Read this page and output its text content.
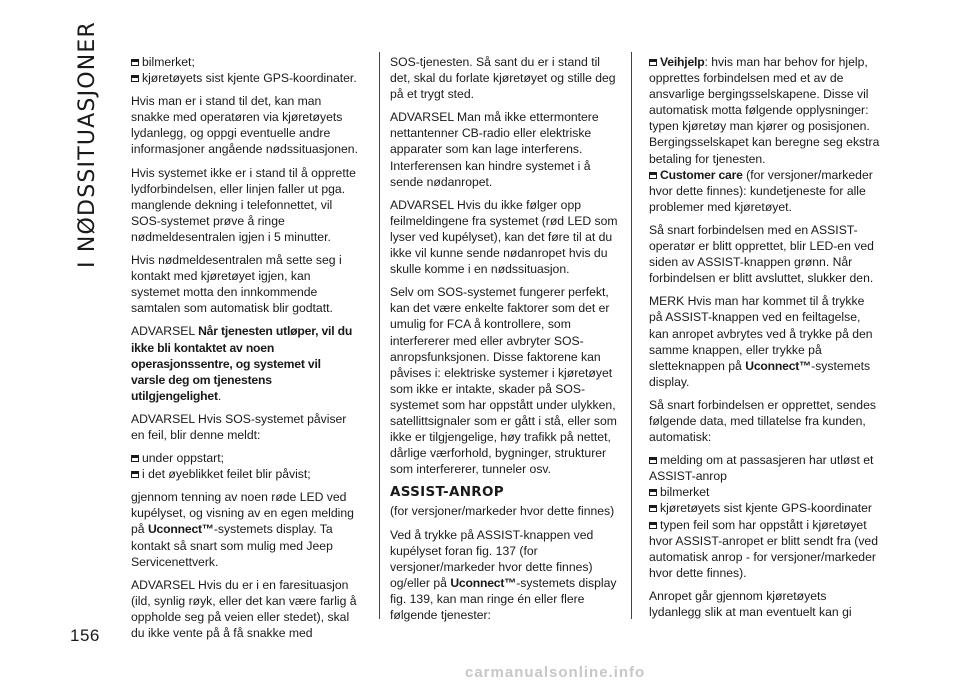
I NØDSSITUASJONER	bilmerket;

kjøretøyets sist kjente GPS-koordinater.

Hvis man er i stand til det, kan man snakke med operatøren via kjøretøyets lydanlegg, og oppgi eventuelle andre informasjoner angående nødssituasjonen.

Hvis systemet ikke er i stand til å opprette lydforbindelsen, eller linjen faller ut pga. manglende dekning i telefonnettet, vil SOS-systemet prøve å ringe nødmeldesentralen igjen i 5 minutter.

Hvis nødmeldesentralen må sette seg i kontakt med kjøretøyet igjen, kan systemet motta den innkommende samtalen som automatisk blir godtatt.

ADVARSEL Når tjenesten utløper, vil du ikke bli kontaktet av noen operasjonssentre, og systemet vil varsle deg om tjenestens utilgjengelighet.

ADVARSEL Hvis SOS-systemet påviser en feil, blir denne meldt:

under oppstart;

i det øyeblikket feilet blir påvist;

gjennom tenning av noen røde LED ved kupélyset, og visning av en egen melding på Uconnect™-systemets display. Ta kontakt så snart som mulig med Jeep Servicenettverk.

ADVARSEL Hvis du er i en faresituasjon (ild, synlig røyk, eller det kan være farlig å oppholde seg på veien eller stedet), skal du ikke vente på å få snakke med

SOS-tjenesten. Så sant du er i stand til det, skal du forlate kjøretøyet og stille deg på et trygt sted.

ADVARSEL Man må ikke ettermontere nettantenner CB-radio eller elektriske apparater som kan lage interferens. Interferensen kan hindre systemet i å sende nødanropet.

ADVARSEL Hvis du ikke følger opp feilmeldingene fra systemet (rød LED som lyser ved kupélyset), kan det føre til at du ikke vil kunne sende nødanropet hvis du skulle komme i en nødssituasjon.

Selv om SOS-systemet fungerer perfekt, kan det være enkelte faktorer som det er umulig for FCA å kontrollere, som interfererer med eller avbryter SOS-anropsfunksjonen. Disse faktorene kan påvises i: elektriske systemer i kjøretøyet som ikke er intakte, skader på SOS-systemet som har oppstått under ulykken, satellittsignaler som er gått i stå, eller som ikke er tilgjengelige, høy trafikk på nettet, dårlige værforhold, bygninger, strukturer som interfererer, tunneler osv.

ASSIST-ANROP

(for versjoner/markeder hvor dette finnes)

Ved å trykke på ASSIST-knappen ved kupélyset foran fig. 137 (for versjoner/markeder hvor dette finnes) og/eller på Uconnect™-systemets display fig. 139, kan man ringe én eller flere følgende tjenester:

Veihjelp: hvis man har behov for hjelp, opprettes forbindelsen med et av de ansvarlige bergingsselskapene. Disse vil automatisk motta følgende opplysninger: typen kjøretøy man kjører og posisjonen. Bergingsselskapet kan beregne seg ekstra betaling for tjenesten.

Customer care (for versjoner/markeder hvor dette finnes): kundetjeneste for alle problemer med kjøretøyet.

Så snart forbindelsen med en ASSIST-operatør er blitt opprettet, blir LED-en ved siden av ASSIST-knappen grønn. Når forbindelsen er blitt avsluttet, slukker den.

MERK Hvis man har kommet til å trykke på ASSIST-knappen ved en feiltagelse, kan anropet avbrytes ved å trykke på den samme knappen, eller trykke på sletteknappen på Uconnect™-systemets display.

Så snart forbindelsen er opprettet, sendes følgende data, med tillatelse fra kunden, automatisk:

melding om at passasjeren har utløst et ASSIST-anrop
bilmerket
kjøretøyets sist kjente GPS-koordinater

typen feil som har oppstått i kjøretøyet hvor ASSIST-anropet er blitt sendt fra (ved automatisk anrop - for versjoner/markeder hvor dette finnes).

Anropet går gjennom kjøretøyets lydanlegg slik at man eventuelt kan gi

156
carmanualsonline.info
